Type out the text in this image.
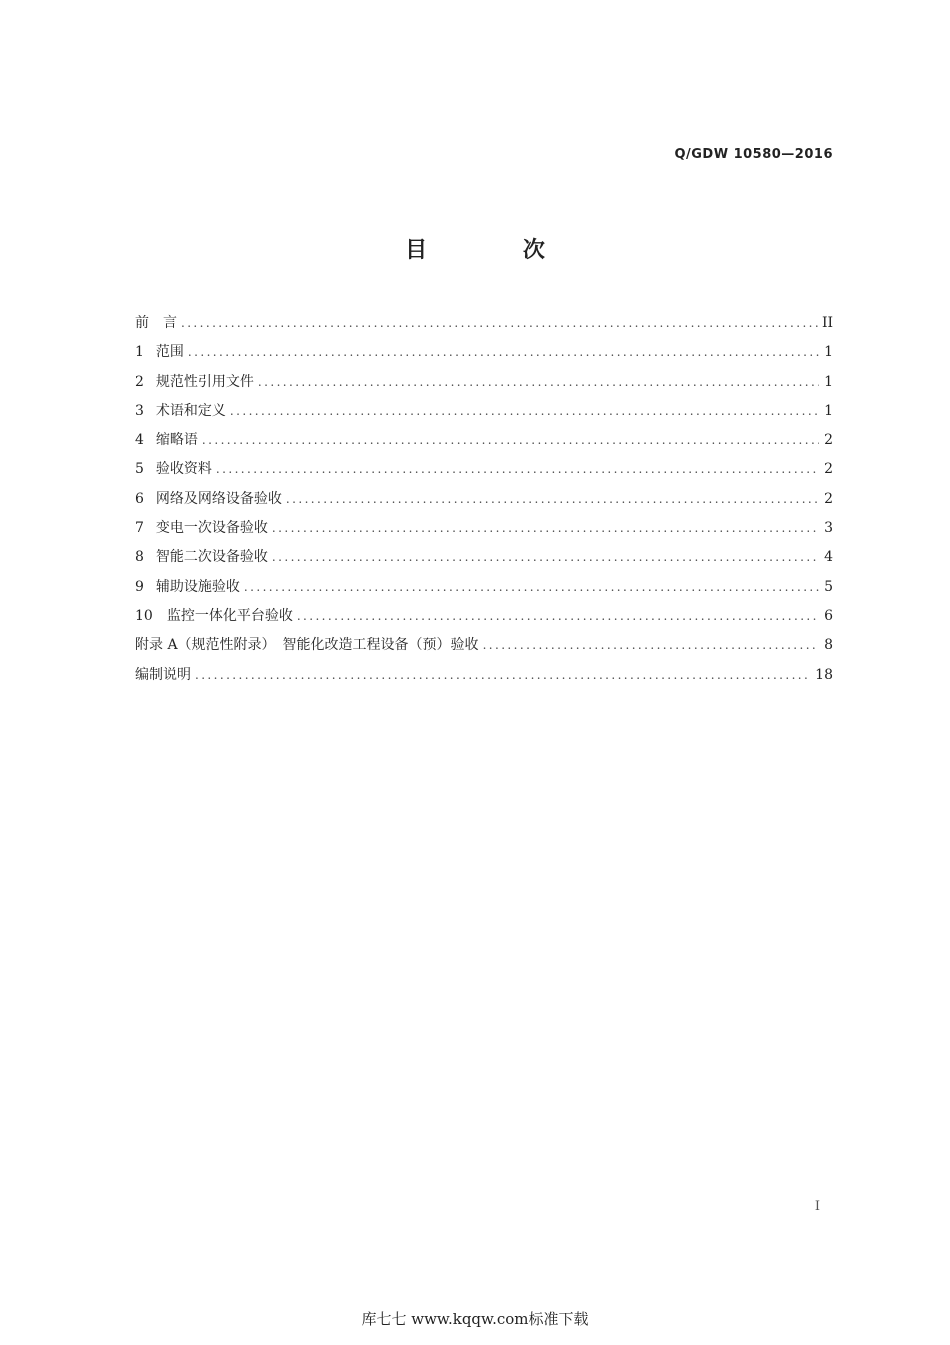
Q/GDW 10580—2016
目 次
前　言 .....	II
1 范围 .....	1
2 规范性引用文件 .....	1
3 术语和定义 .....	1
4 缩略语 .....	2
5 验收资料 .....	2
6 网络及网络设备验收 .....	2
7 变电一次设备验收 .....	3
8 智能二次设备验收 .....	4
9 辅助设施验收 .....	5
10 监控一体化平台验收 .....	6
附录 A（规范性附录）　智能化改造工程设备（预）验收 .....	8
编制说明 .....	18
I
库七七 www.kqqw.com标准下载
